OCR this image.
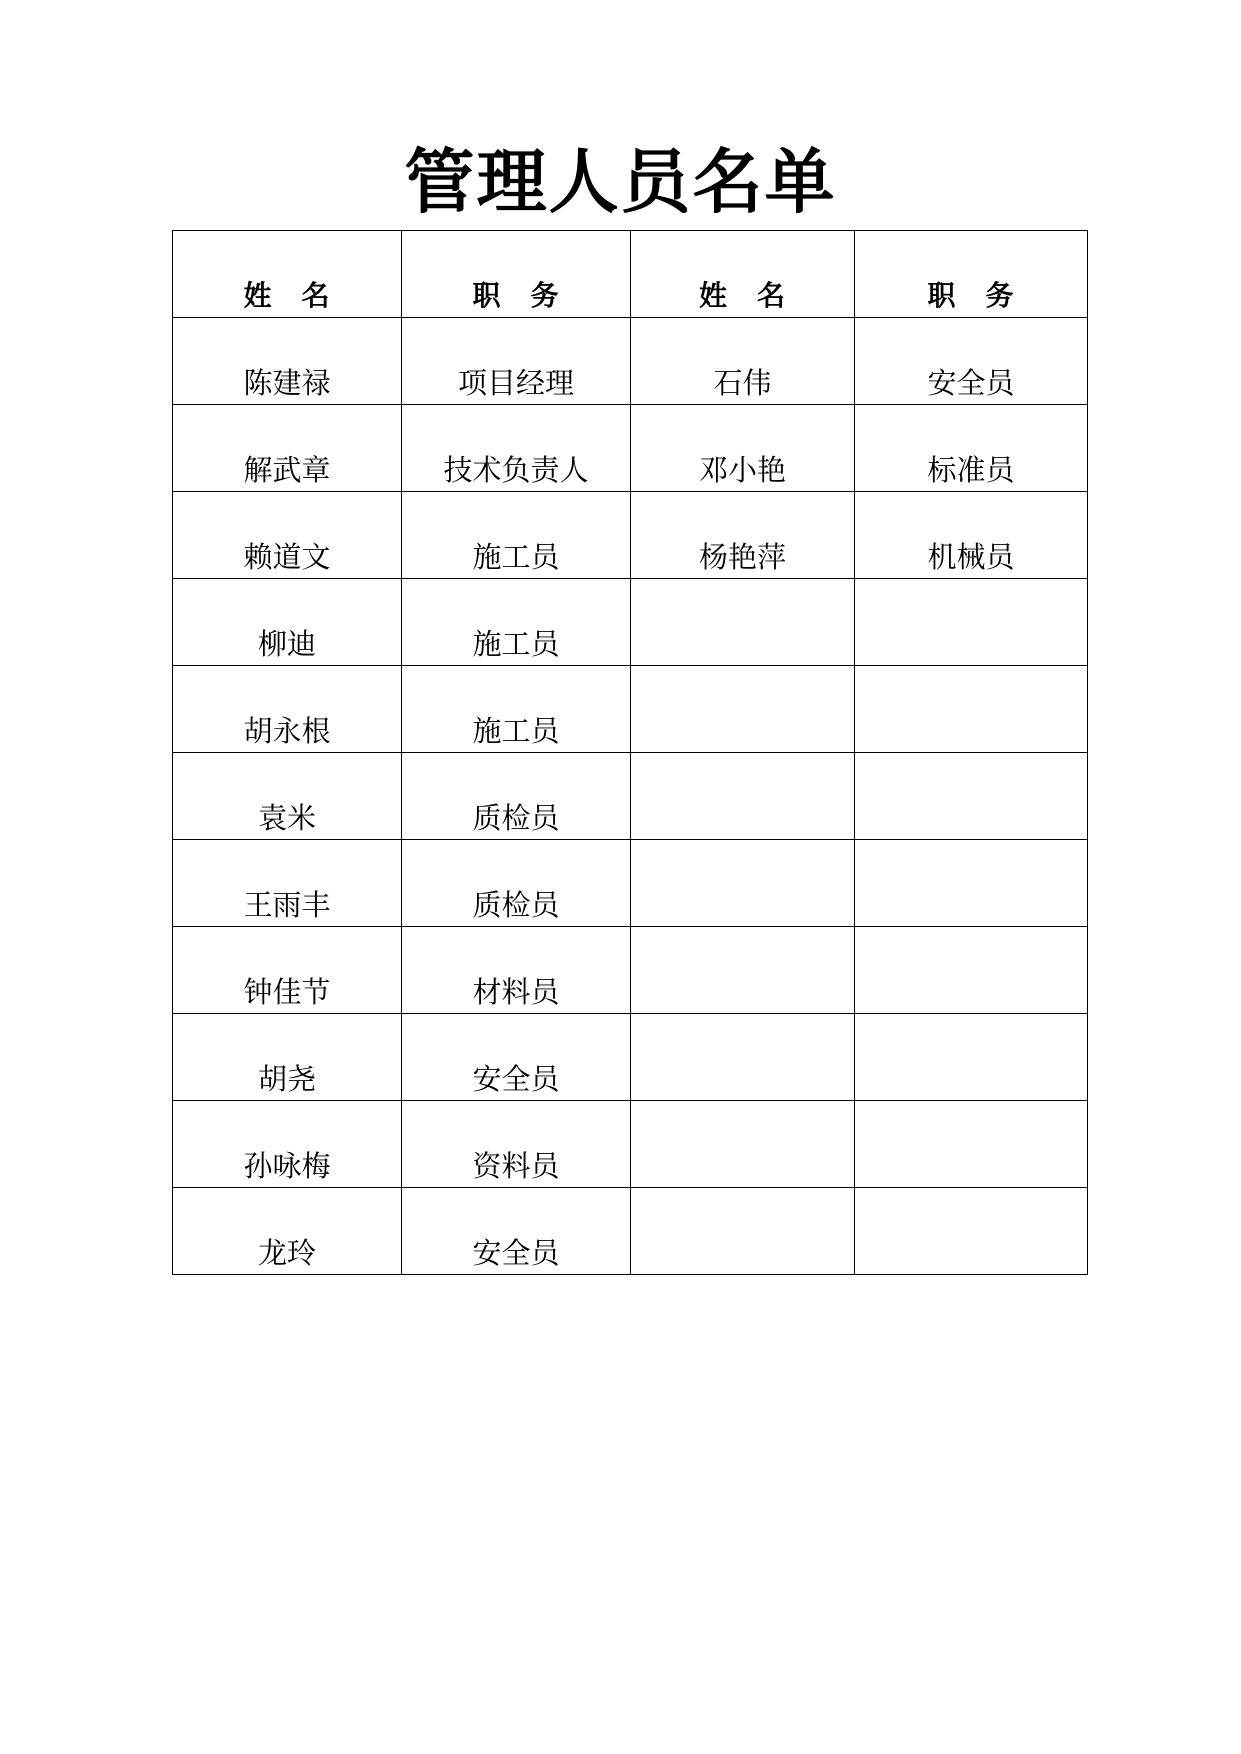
管理人员名单
姓　名	职　务	姓　名	职　务
陈建禄	项目经理	石伟	安全员
解武章	技术负责人	邓小艳	标准员
赖道文	施工员	杨艳萍	机械员
柳迪	施工员		
胡永根	施工员		
袁米	质检员		
王雨丰	质检员		
钟佳节	材料员		
胡尧	安全员		
孙咏梅	资料员		
龙玲	安全员		
